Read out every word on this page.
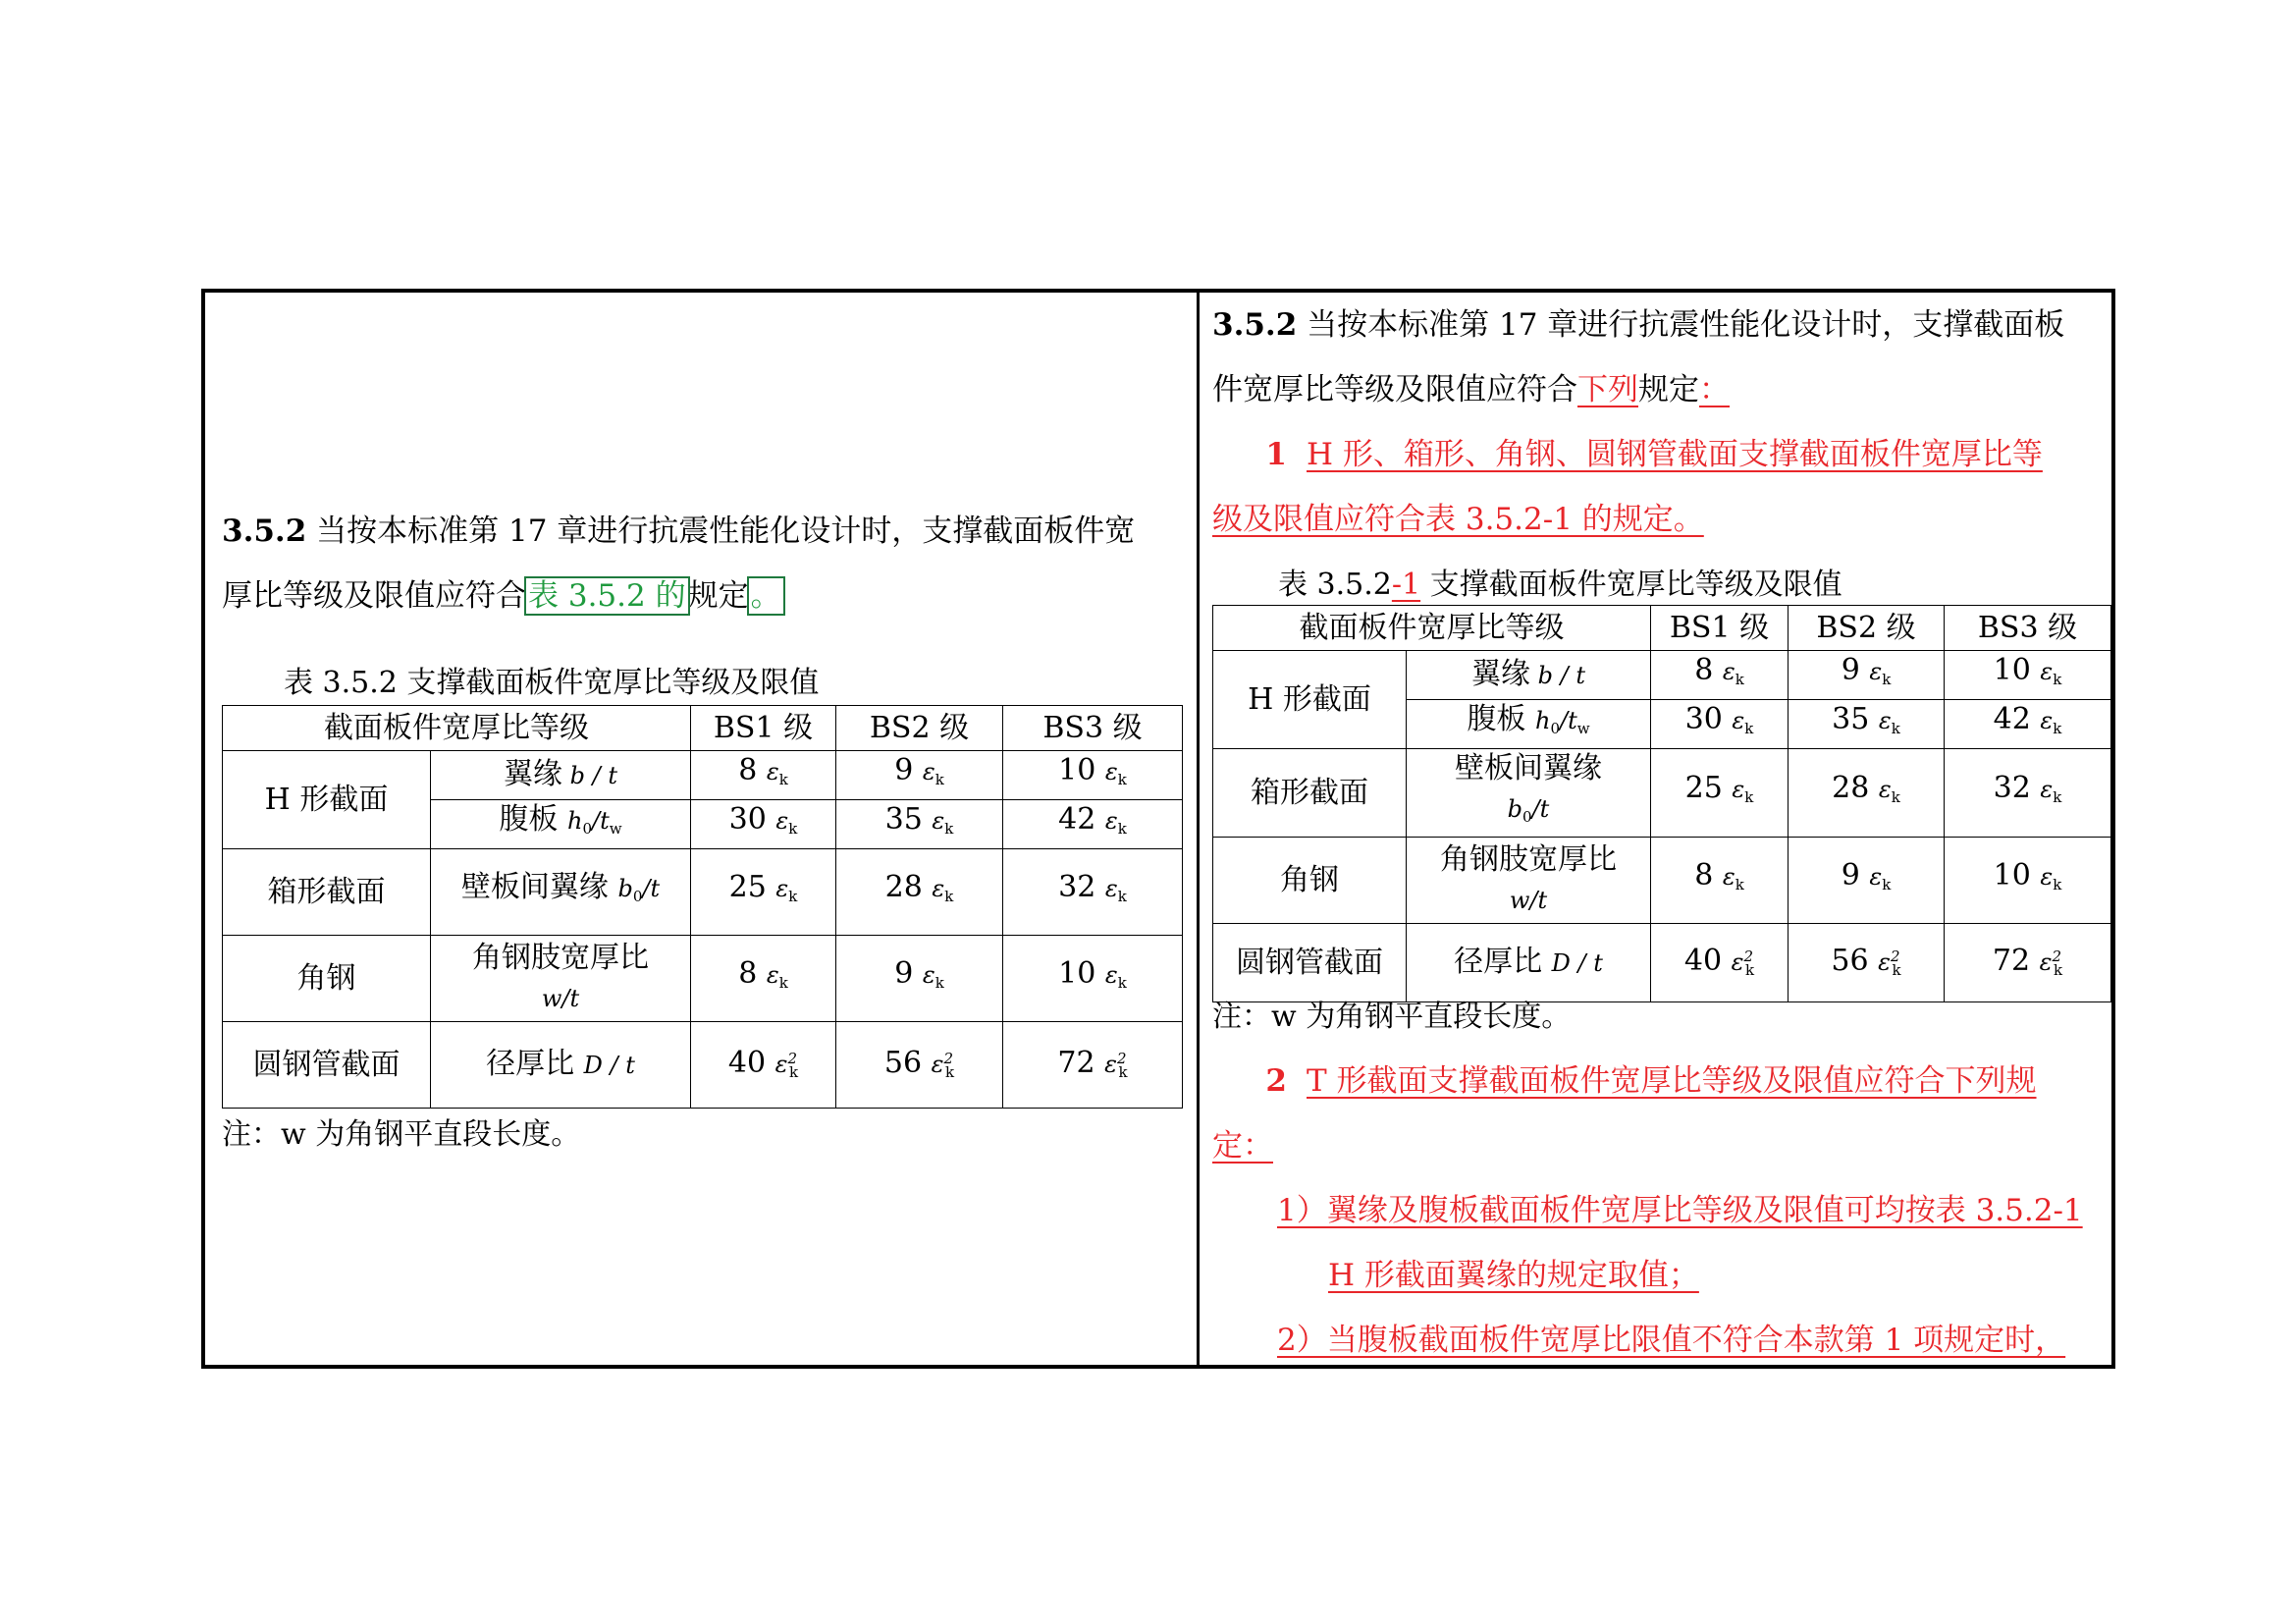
3.5.2 当按本标准第 17 章进行抗震性能化设计时，支撑截面板件宽
厚比等级及限值应符合表 3.5.2 的规定。
表 3.5.2 支撑截面板件宽厚比等级及限值
截面板件宽厚比等级		BS1 级	BS2 级	BS3 级
H 形截面	翼缘 b / t	8 $\varepsilon_k$	9 $\varepsilon_k$	10 $\varepsilon_k$
	腹板 $h_0/t_w$	30 $\varepsilon_k$	35 $\varepsilon_k$	42 $\varepsilon_k$
箱形截面	壁板间翼缘 $b_0/t$	25 $\varepsilon_k$	28 $\varepsilon_k$	32 $\varepsilon_k$
角钢	角钢肢宽厚比
w/t	8 $\varepsilon_k$	9 $\varepsilon_k$	10 $\varepsilon_k$
圆钢管截面	径厚比 D / t	40 $\varepsilon^2_k$	56 $\varepsilon^2_k$	72 $\varepsilon^2_k$
注：w 为角钢平直段长度。
3.5.2 当按本标准第 17 章进行抗震性能化设计时，支撑截面板
件宽厚比等级及限值应符合下列规定：
1 H 形、箱形、角钢、圆钢管截面支撑截面板件宽厚比等
级及限值应符合表 3.5.2-1 的规定。
表 3.5.2-1 支撑截面板件宽厚比等级及限值
截面板件宽厚比等级		BS1 级	BS2 级	BS3 级
H 形截面	翼缘 b / t	8 $\varepsilon_k$	9 $\varepsilon_k$	10 $\varepsilon_k$
	腹板 $h_0/t_w$	30 $\varepsilon_k$	35 $\varepsilon_k$	42 $\varepsilon_k$
箱形截面	壁板间翼缘
$b_0/t$	25 $\varepsilon_k$	28 $\varepsilon_k$	32 $\varepsilon_k$
角钢	角钢肢宽厚比
w/t	8 $\varepsilon_k$	9 $\varepsilon_k$	10 $\varepsilon_k$
圆钢管截面	径厚比 D / t	40 $\varepsilon^2_k$	56 $\varepsilon^2_k$	72 $\varepsilon^2_k$
注：w 为角钢平直段长度。
2 T 形截面支撑截面板件宽厚比等级及限值应符合下列规
定：
1）翼缘及腹板截面板件宽厚比等级及限值可均按表 3.5.2-1
H 形截面翼缘的规定取值；
2）当腹板截面板件宽厚比限值不符合本款第 1 项规定时，
